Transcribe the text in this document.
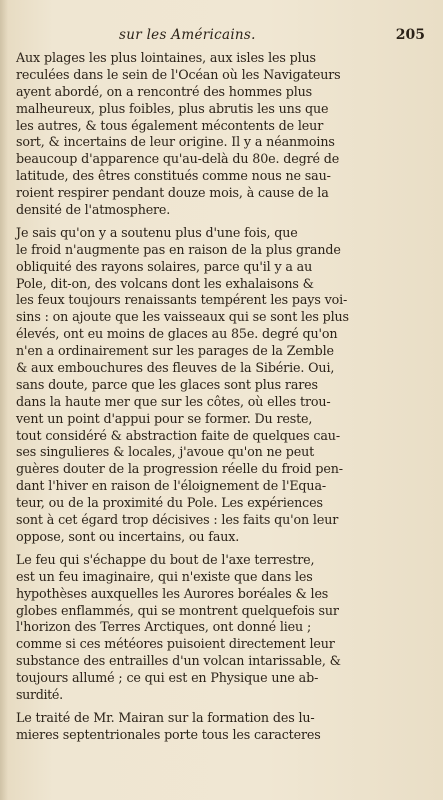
sur les Américains.	205
Aux plages les plus lointaines, aux isles les plus
reculées dans le sein de l'Océan où les Navigateurs
ayent abordé, on a rencontré des hommes plus
malheureux, plus foibles, plus abrutis les uns que
les autres, & tous également mécontents de leur
sort, & incertains de leur origine. Il y a néanmoins
beaucoup d'apparence qu'au-delà du 80e. degré de
latitude, des êtres constitués comme nous ne sau-
roient respirer pendant douze mois, à cause de la
densité de l'atmosphere.
Je sais qu'on y a soutenu plus d'une fois, que
le froid n'augmente pas en raison de la plus grande
obliquité des rayons solaires, parce qu'il y a au
Pole, dit-on, des volcans dont les exhalaisons &
les feux toujours renaissants tempérent les pays voi-
sins : on ajoute que les vaisseaux qui se sont les plus
élevés, ont eu moins de glaces au 85e. degré qu'on
n'en a ordinairement sur les parages de la Zemble
& aux embouchures des fleuves de la Sibérie. Oui,
sans doute, parce que les glaces sont plus rares
dans la haute mer que sur les côtes, où elles trou-
vent un point d'appui pour se former. Du reste,
tout considéré & abstraction faite de quelques cau-
ses singulieres & locales, j'avoue qu'on ne peut
guères douter de la progression réelle du froid pen-
dant l'hiver en raison de l'éloignement de l'Equa-
teur, ou de la proximité du Pole. Les expériences
sont à cet égard trop décisives : les faits qu'on leur
oppose, sont ou incertains, ou faux.
Le feu qui s'échappe du bout de l'axe terrestre,
est un feu imaginaire, qui n'existe que dans les
hypothèses auxquelles les Aurores boréales & les
globes enflammés, qui se montrent quelquefois sur
l'horizon des Terres Arctiques, ont donné lieu ;
comme si ces météores puisoient directement leur
substance des entrailles d'un volcan intarissable, &
toujours allumé ; ce qui est en Physique une ab-
surdité.
Le traité de Mr. Mairan sur la formation des lu-
mieres septentrionales porte tous les caracteres
